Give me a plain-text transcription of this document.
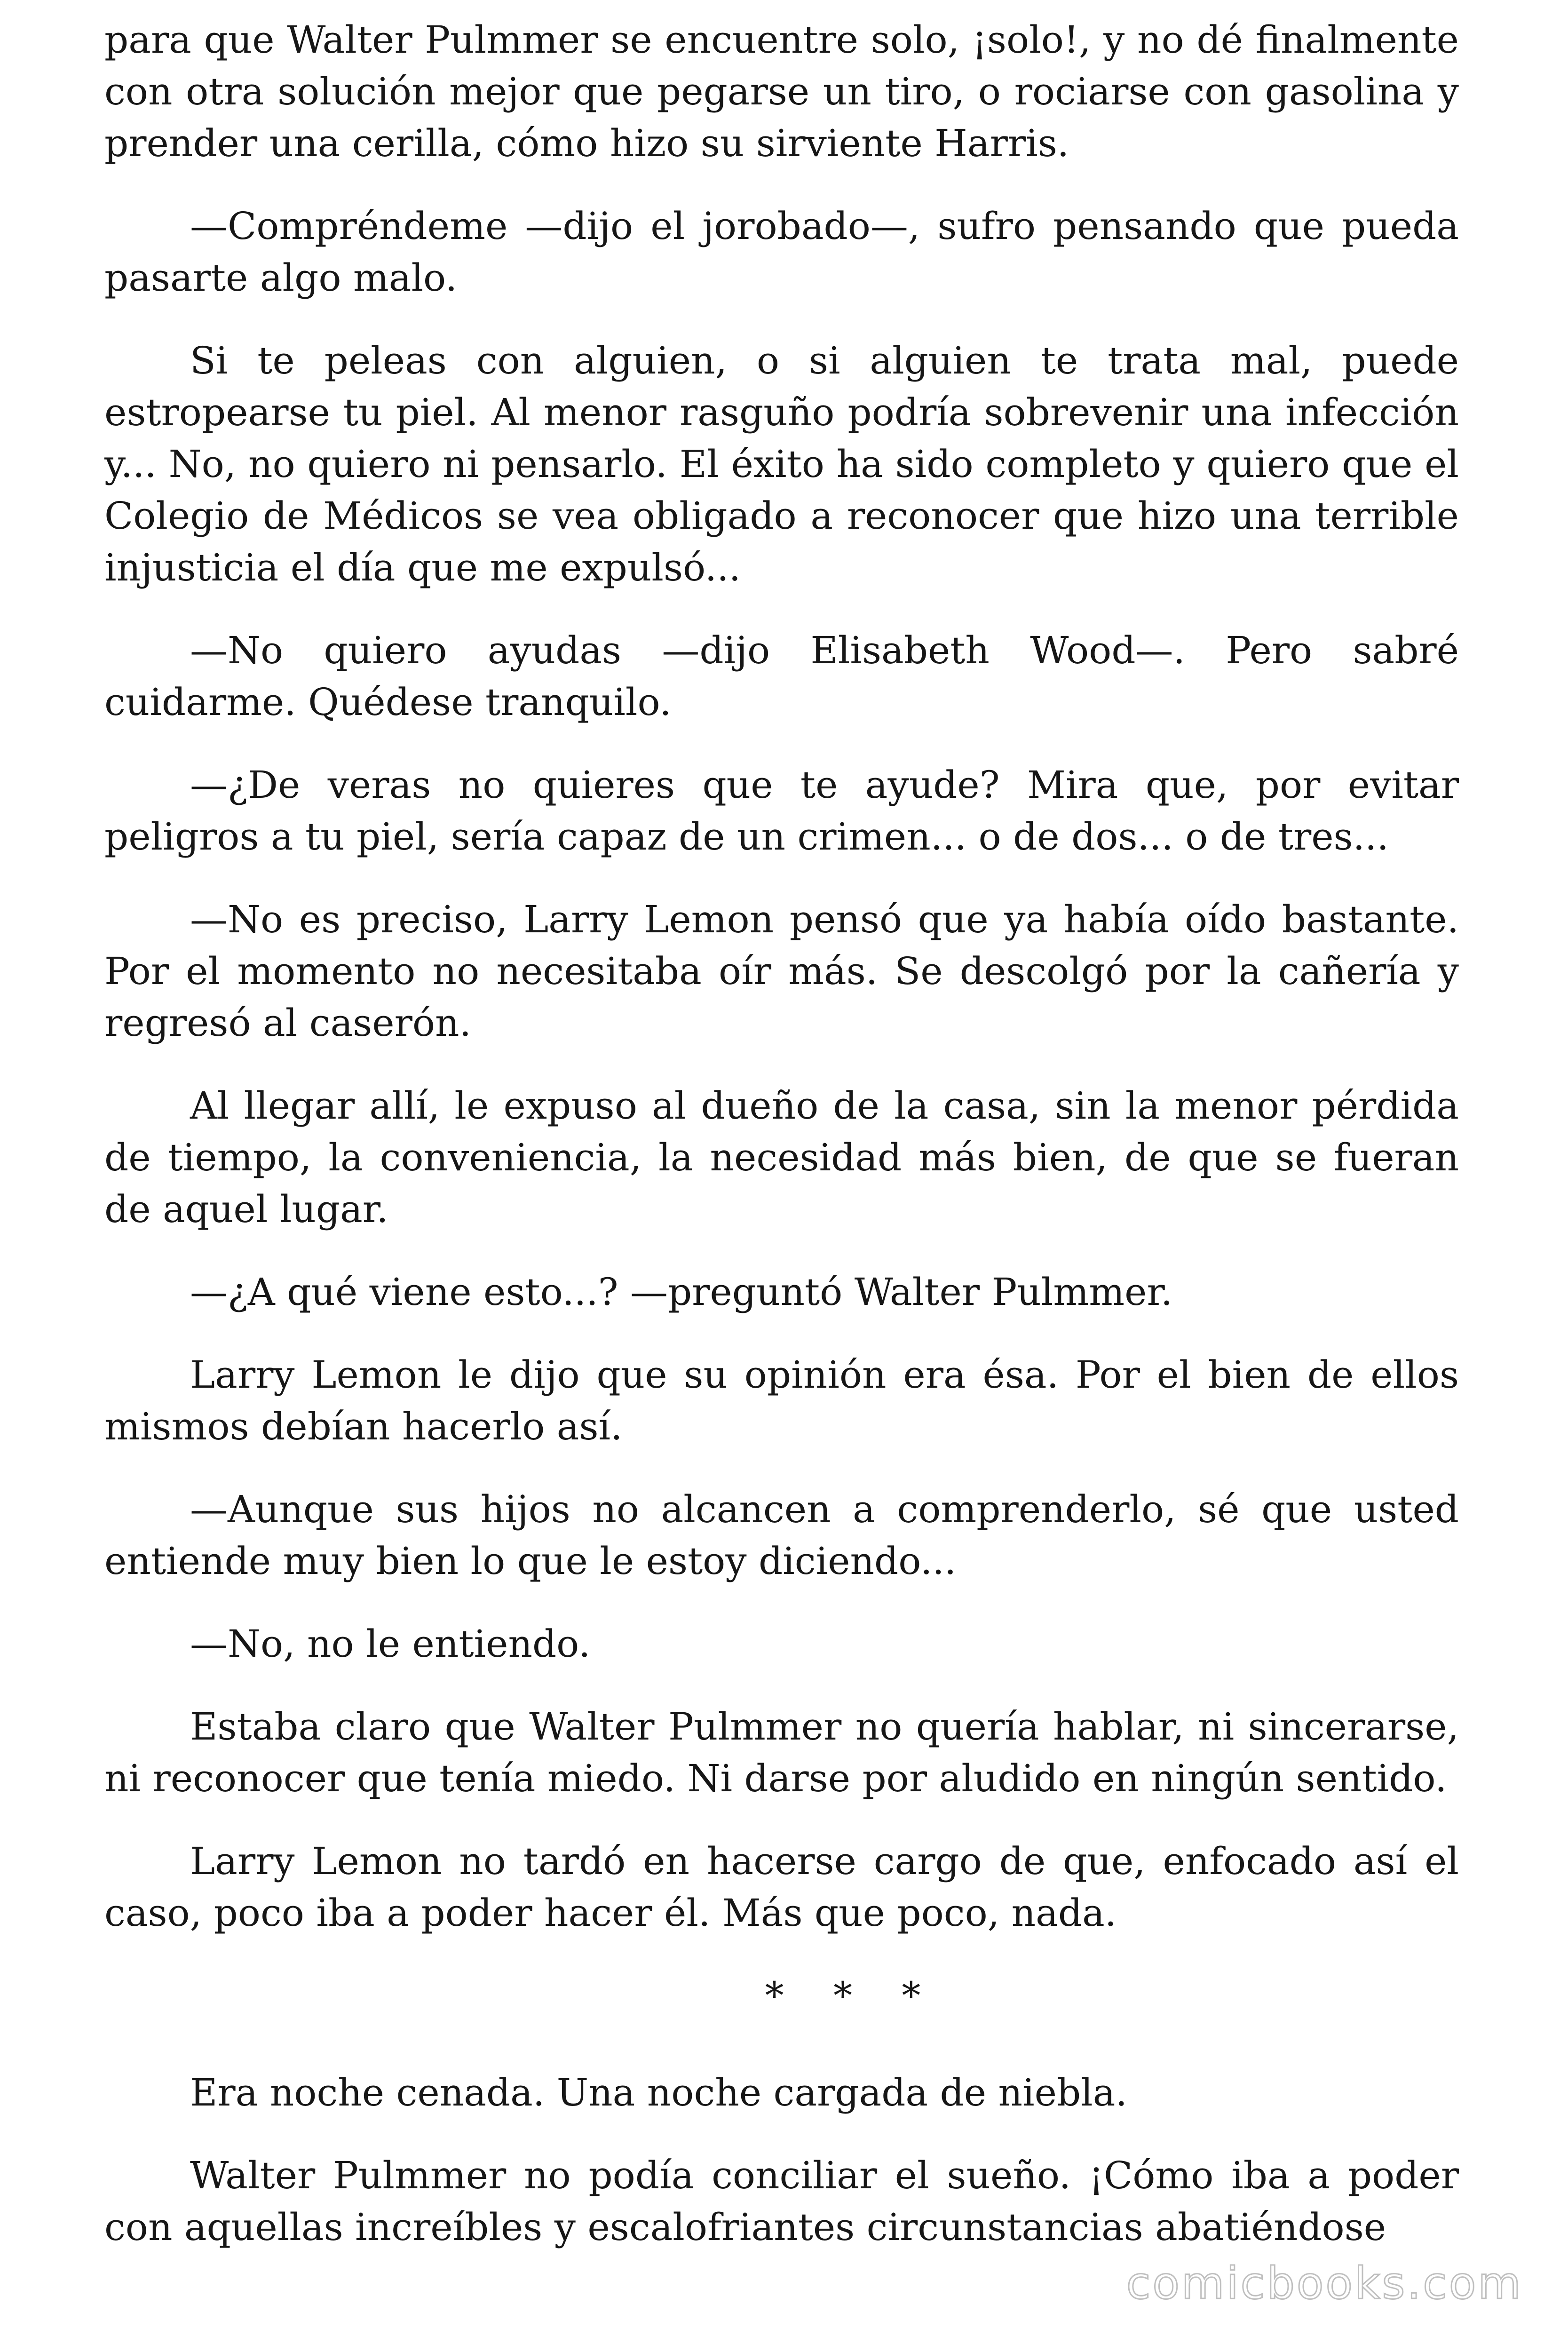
para que Walter Pulmmer se encuentre solo, ¡solo!, y no dé finalmente con otra solución mejor que pegarse un tiro, o rociarse con gasolina y prender una cerilla, cómo hizo su sirviente Harris.

—Compréndeme —dijo el jorobado—, sufro pensando que pueda pasarte algo malo.

Si te peleas con alguien, o si alguien te trata mal, puede estropearse tu piel. Al menor rasguño podría sobrevenir una infección y... No, no quiero ni pensarlo. El éxito ha sido completo y quiero que el Colegio de Médicos se vea obligado a reconocer que hizo una terrible injusticia el día que me expulsó...

—No quiero ayudas —dijo Elisabeth Wood—. Pero sabré cuidarme. Quédese tranquilo.

—¿De veras no quieres que te ayude? Mira que, por evitar peligros a tu piel, sería capaz de un crimen... o de dos... o de tres...

—No es preciso, Larry Lemon pensó que ya había oído bastante. Por el momento no necesitaba oír más. Se descolgó por la cañería y regresó al caserón.

Al llegar allí, le expuso al dueño de la casa, sin la menor pérdida de tiempo, la conveniencia, la necesidad más bien, de que se fueran de aquel lugar.

—¿A qué viene esto...? —preguntó Walter Pulmmer.

Larry Lemon le dijo que su opinión era ésa. Por el bien de ellos mismos debían hacerlo así.

—Aunque sus hijos no alcancen a comprenderlo, sé que usted entiende muy bien lo que le estoy diciendo...

—No, no le entiendo.

Estaba claro que Walter Pulmmer no quería hablar, ni sincerarse, ni reconocer que tenía miedo. Ni darse por aludido en ningún sentido.

Larry Lemon no tardó en hacerse cargo de que, enfocado así el caso, poco iba a poder hacer él. Más que poco, nada.

* * *

Era noche cenada. Una noche cargada de niebla.

Walter Pulmmer no podía conciliar el sueño. ¡Cómo iba a poder con aquellas increíbles y escalofriantes circunstancias abatiéndose

comicbooks.com
